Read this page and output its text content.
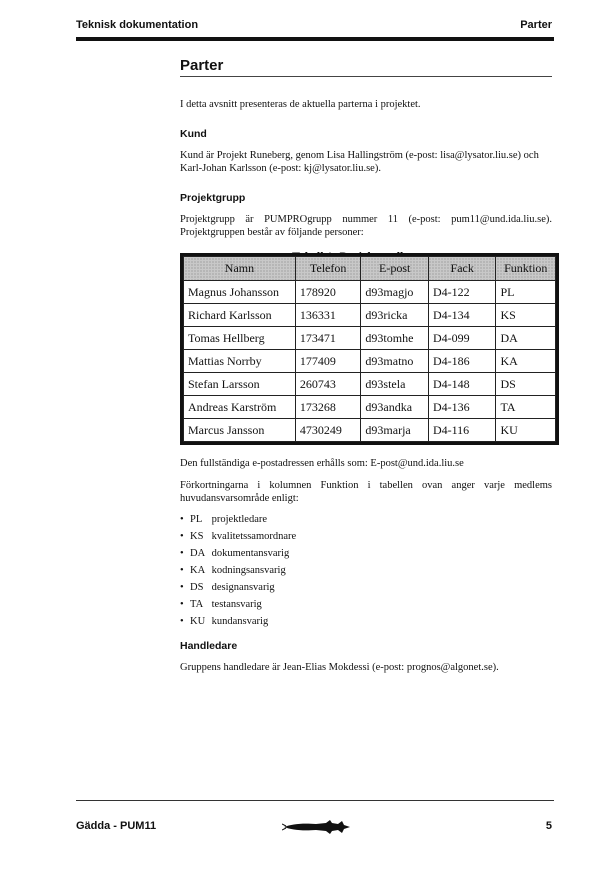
Teknisk dokumentation	Parter
Parter

I detta avsnitt presenteras de aktuella parterna i projektet.

Kund

Kund är Projekt Runeberg, genom Lisa Hallingström (e-post: lisa@lysator.liu.se) och Karl-Johan Karlsson (e-post: kj@lysator.liu.se).

Projektgrupp

Projektgrupp är PUMPROgrupp nummer 11 (e-post: pum11@und.ida.liu.se). Projektgruppen består av följande personer:

Namn	Telefon	E-post	Fack	Funktion
Magnus Johansson	178920	d93magjo	D4-122	PL
Richard Karlsson	136331	d93ricka	D4-134	KS
Tomas Hellberg	173471	d93tomhe	D4-099	DA
Mattias Norrby	177409	d93matno	D4-186	KA
Stefan Larsson	260743	d93stela	D4-148	DS
Andreas Karström	173268	d93andka	D4-136	TA
Marcus Jansson	4730249	d93marja	D4-116	KU

Den fullständiga e-postadressen erhålls som: E-post@und.ida.liu.se

Förkortningarna i kolumnen Funktion i tabellen ovan anger varje medlems huvudansvarsområde enligt:

• PL projektledare
• KS kvalitetssamordnare
• DA dokumentansvarig
• KA kodningsansvarig
• DS designansvarig
• TA testansvarig
• KU kundansvarig
Handledare

Gruppens handledare är Jean-Elias Mokdessi (e-post: prognos@algonet.se).

Gädda - PUM11	5
